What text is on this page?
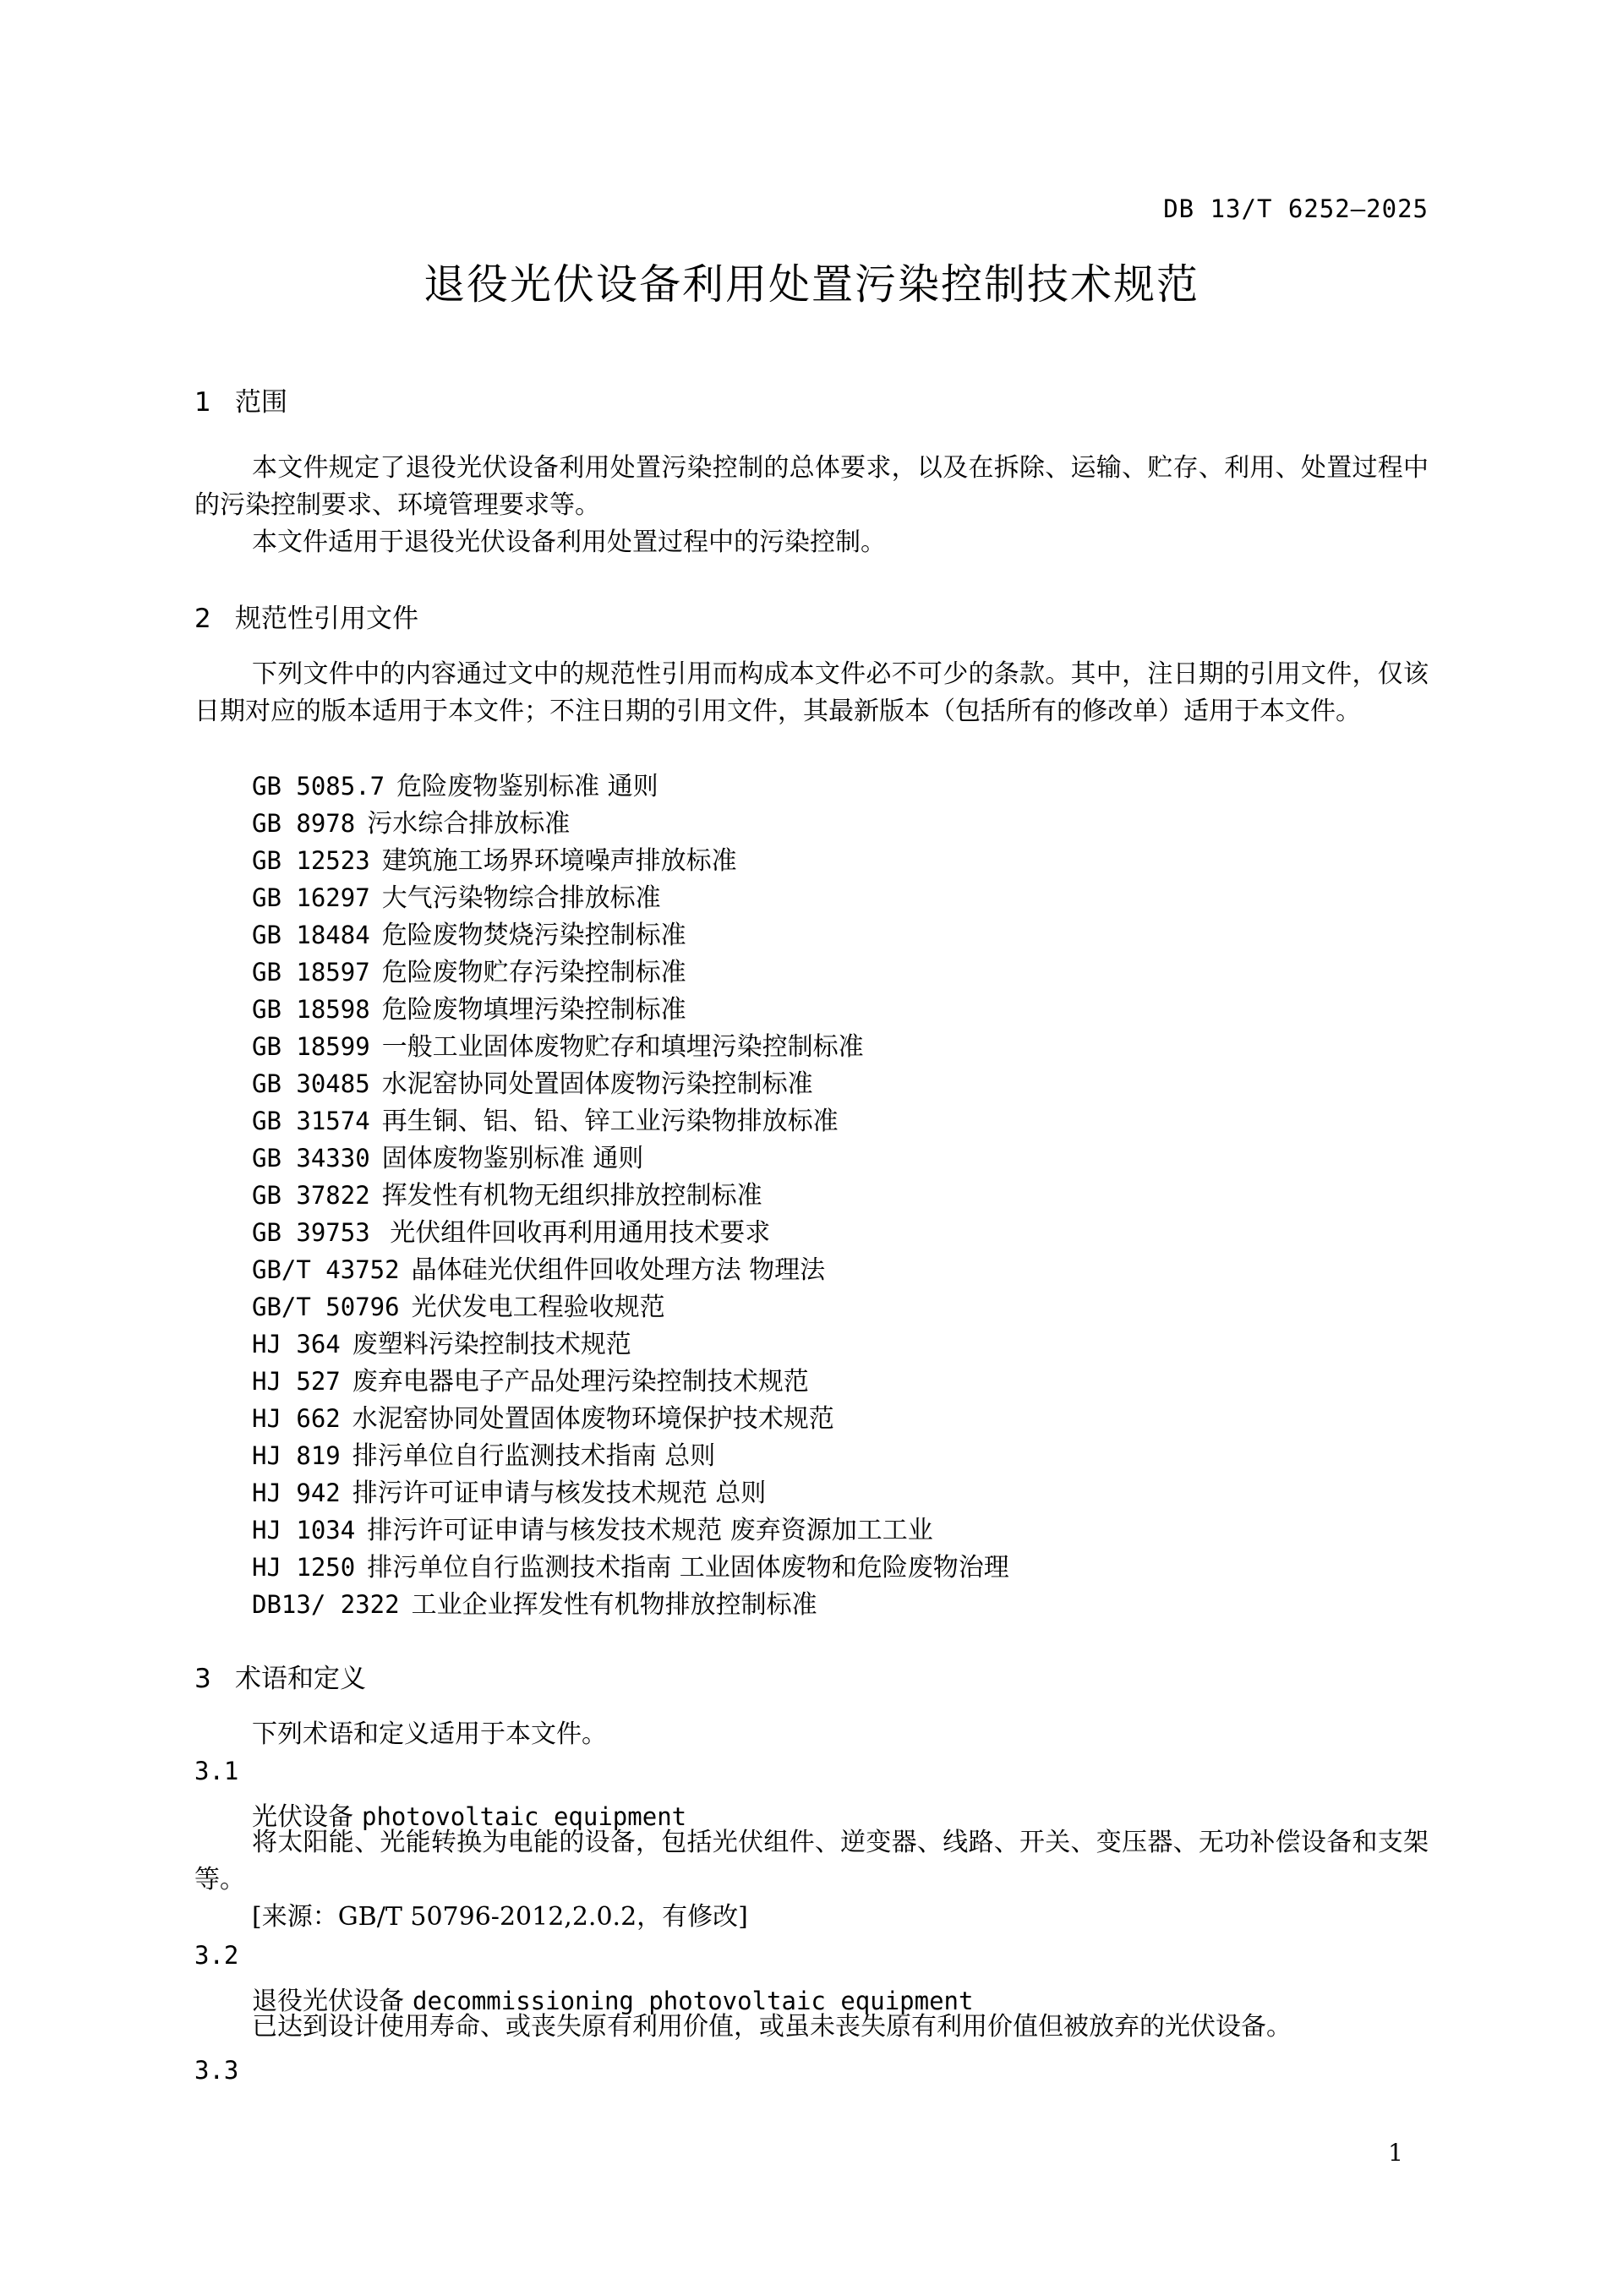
DB 13/T 6252—2025
退役光伏设备利用处置污染控制技术规范
1 范围

本文件规定了退役光伏设备利用处置污染控制的总体要求，以及在拆除、运输、贮存、利用、处置过程中的污染控制要求、环境管理要求等。

本文件适用于退役光伏设备利用处置过程中的污染控制。

2 规范性引用文件

下列文件中的内容通过文中的规范性引用而构成本文件必不可少的条款。其中，注日期的引用文件，仅该日期对应的版本适用于本文件；不注日期的引用文件，其最新版本（包括所有的修改单）适用于本文件。

GB 5085.7 危险废物鉴别标准 通则
GB 8978 污水综合排放标准
GB 12523 建筑施工场界环境噪声排放标准
GB 16297 大气污染物综合排放标准
GB 18484 危险废物焚烧污染控制标准
GB 18597 危险废物贮存污染控制标准
GB 18598 危险废物填埋污染控制标准
GB 18599 一般工业固体废物贮存和填埋污染控制标准
GB 30485 水泥窑协同处置固体废物污染控制标准
GB 31574 再生铜、铝、铅、锌工业污染物排放标准
GB 34330 固体废物鉴别标准 通则
GB 37822 挥发性有机物无组织排放控制标准
GB 39753 光伏组件回收再利用通用技术要求
GB/T 43752 晶体硅光伏组件回收处理方法 物理法
GB/T 50796 光伏发电工程验收规范
HJ 364 废塑料污染控制技术规范
HJ 527 废弃电器电子产品处理污染控制技术规范
HJ 662 水泥窑协同处置固体废物环境保护技术规范
HJ 819 排污单位自行监测技术指南 总则
HJ 942 排污许可证申请与核发技术规范 总则
HJ 1034 排污许可证申请与核发技术规范 废弃资源加工工业
HJ 1250 排污单位自行监测技术指南 工业固体废物和危险废物治理
DB13/ 2322 工业企业挥发性有机物排放控制标准
3 术语和定义

下列术语和定义适用于本文件。

3.1
光伏设备 photovoltaic equipment

将太阳能、光能转换为电能的设备，包括光伏组件、逆变器、线路、开关、变压器、无功补偿设备和支架等。

[来源：GB/T 50796-2012,2.0.2，有修改]

3.2
退役光伏设备 decommissioning photovoltaic equipment

已达到设计使用寿命、或丧失原有利用价值，或虽未丧失原有利用价值但被放弃的光伏设备。

3.3
1
